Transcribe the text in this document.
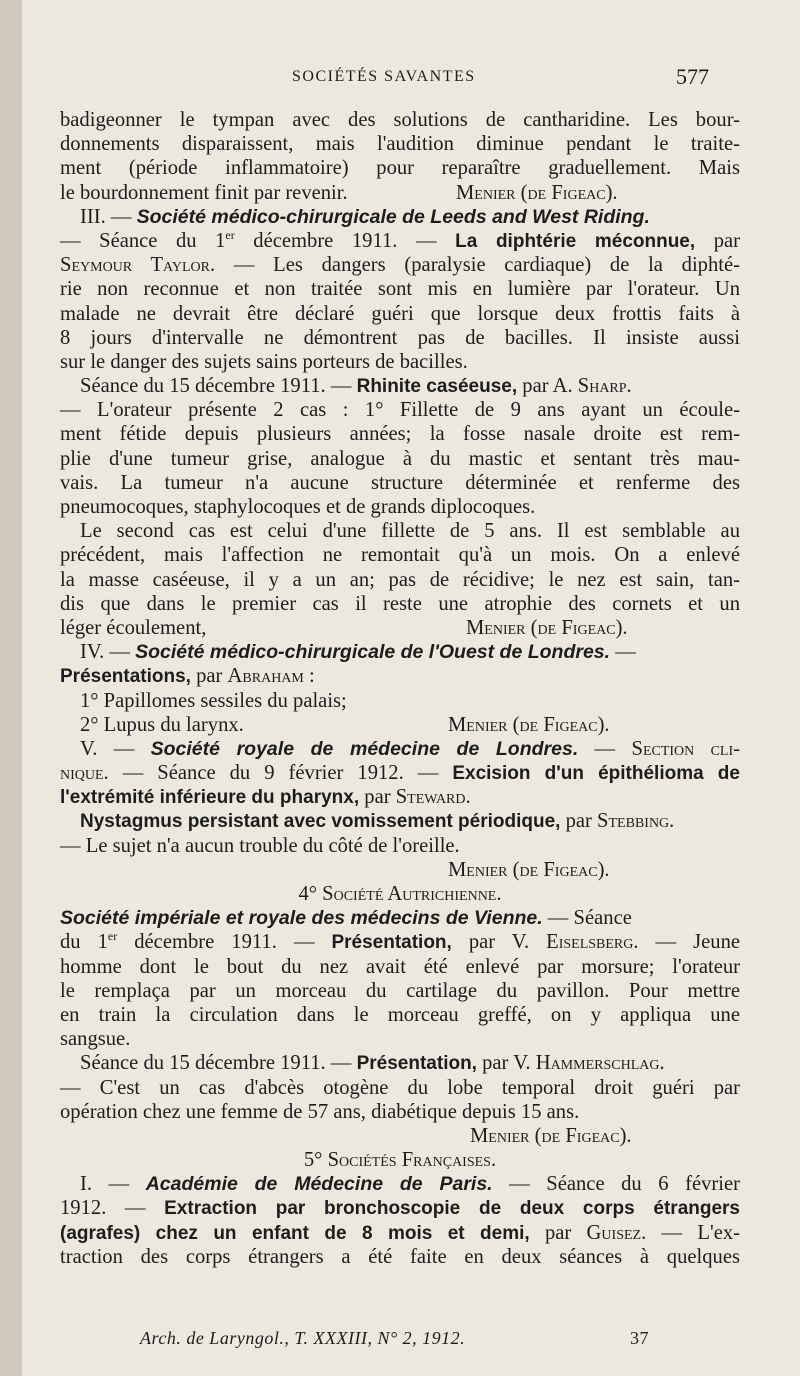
SOCIÉTÉS SAVANTES	577
badigeonner le tympan avec des solutions de cantharidine. Les bour-
donnements disparaissent, mais l'audition diminue pendant le traite-
ment (période inflammatoire) pour reparaître graduellement. Mais
le bourdonnement finit par revenir.	Menier (de Figeac).
III. — Société médico-chirurgicale de Leeds and West Riding.
— Séance du 1er décembre 1911. — La diphtérie méconnue, par
Seymour Taylor. — Les dangers (paralysie cardiaque) de la diphté-
rie non reconnue et non traitée sont mis en lumière par l'orateur. Un
malade ne devrait être déclaré guéri que lorsque deux frottis faits à
8 jours d'intervalle ne démontrent pas de bacilles. Il insiste aussi
sur le danger des sujets sains porteurs de bacilles.
Séance du 15 décembre 1911. — Rhinite caséeuse, par A. Sharp.
— L'orateur présente 2 cas : 1° Fillette de 9 ans ayant un écoule-
ment fétide depuis plusieurs années; la fosse nasale droite est rem-
plie d'une tumeur grise, analogue à du mastic et sentant très mau-
vais. La tumeur n'a aucune structure déterminée et renferme des
pneumocoques, staphylocoques et de grands diplocoques.
Le second cas est celui d'une fillette de 5 ans. Il est semblable au
précédent, mais l'affection ne remontait qu'à un mois. On a enlevé
la masse caséeuse, il y a un an; pas de récidive; le nez est sain, tan-
dis que dans le premier cas il reste une atrophie des cornets et un
léger écoulement,	Menier (de Figeac).
IV. — Société médico-chirurgicale de l'Ouest de Londres. —
Présentations, par Abraham :
1° Papillomes sessiles du palais;
2° Lupus du larynx.	Menier (de Figeac).
V. — Société royale de médecine de Londres. — Section cli-
nique. — Séance du 9 février 1912. — Excision d'un épithélioma de
l'extrémité inférieure du pharynx, par Steward.
Nystagmus persistant avec vomissement périodique, par Stebbing.
— Le sujet n'a aucun trouble du côté de l'oreille.
Menier (de Figeac).
4° Société Autrichienne.
Société impériale et royale des médecins de Vienne. — Séance
du 1er décembre 1911. — Présentation, par V. Eiselsberg. — Jeune
homme dont le bout du nez avait été enlevé par morsure; l'orateur
le remplaça par un morceau du cartilage du pavillon. Pour mettre
en train la circulation dans le morceau greffé, on y appliqua une
sangsue.
Séance du 15 décembre 1911. — Présentation, par V. Hammerschlag.
— C'est un cas d'abcès otogène du lobe temporal droit guéri par
opération chez une femme de 57 ans, diabétique depuis 15 ans.
Menier (de Figeac).
5° Sociétés Françaises.
I. — Académie de Médecine de Paris. — Séance du 6 février
1912. — Extraction par bronchoscopie de deux corps étrangers
(agrafes) chez un enfant de 8 mois et demi, par Guisez. — L'ex-
traction des corps étrangers a été faite en deux séances à quelques
Arch. de Laryngol., T. XXXIII, N° 2, 1912.	37
